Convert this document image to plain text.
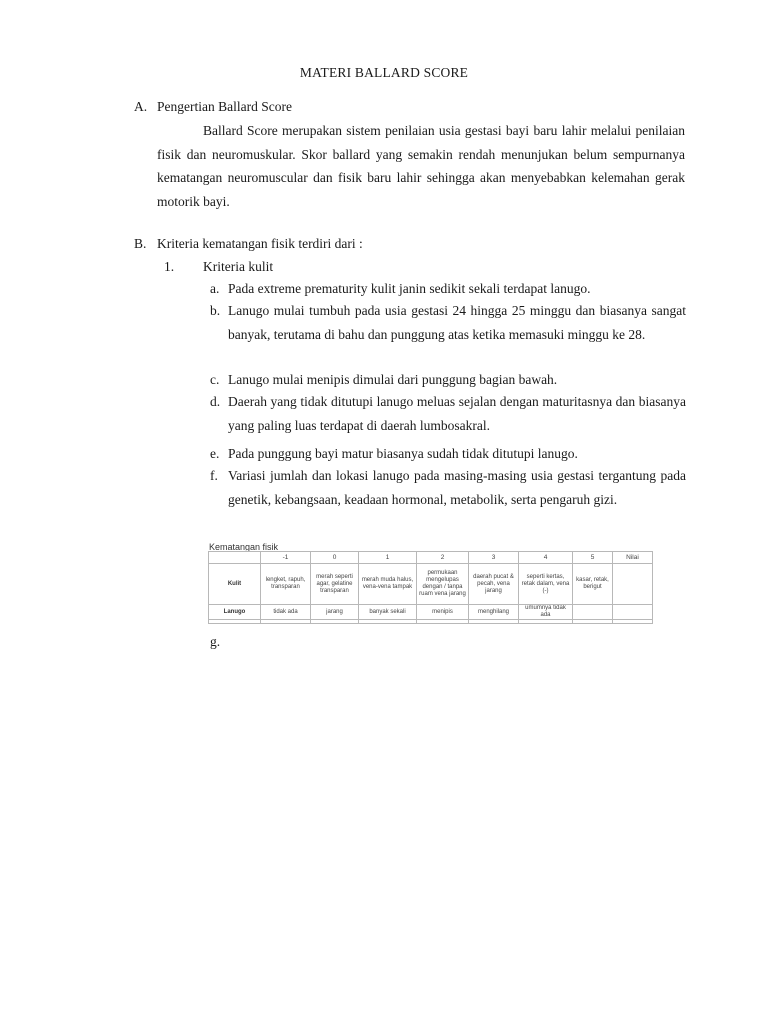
MATERI BALLARD SCORE
A. Pengertian Ballard Score
Ballard Score merupakan sistem penilaian usia gestasi bayi baru lahir melalui penilaian fisik dan neuromuskular. Skor ballard yang semakin rendah menunjukan belum sempurnanya kematangan neuromuscular dan fisik baru lahir sehingga akan menyebabkan kelemahan gerak motorik bayi.
B. Kriteria kematangan fisik terdiri dari :
1. Kriteria kulit
a. Pada extreme prematurity kulit janin sedikit sekali terdapat lanugo.
b. Lanugo mulai tumbuh pada usia gestasi 24 hingga 25 minggu dan biasanya sangat banyak, terutama di bahu dan punggung atas ketika memasuki minggu ke 28.
c. Lanugo mulai menipis dimulai dari punggung bagian bawah.
d. Daerah yang tidak ditutupi lanugo meluas sejalan dengan maturitasnya dan biasanya yang paling luas terdapat di daerah lumbosakral.
e. Pada punggung bayi matur biasanya sudah tidak ditutupi lanugo.
f. Variasi jumlah dan lokasi lanugo pada masing-masing usia gestasi tergantung pada genetik, kebangsaan, keadaan hormonal, metabolik, serta pengaruh gizi.
Kematangan fisik
	-1	0	1	2	3	4	5	Nilai
Kulit	lengket, rapuh, transparan	merah seperti agar, gelatine transparan	merah muda halus, vena-vena tampak	permukaan mengelupas dengan / tanpa ruam vena jarang	daerah pucat & pecah, vena jarang	seperti kertas, retak dalam, vena (-)	kasar, retak, berigut	
Lanugo	tidak ada	jarang	banyak sekali	menipis	menghilang	umumnya tidak ada		

g.
